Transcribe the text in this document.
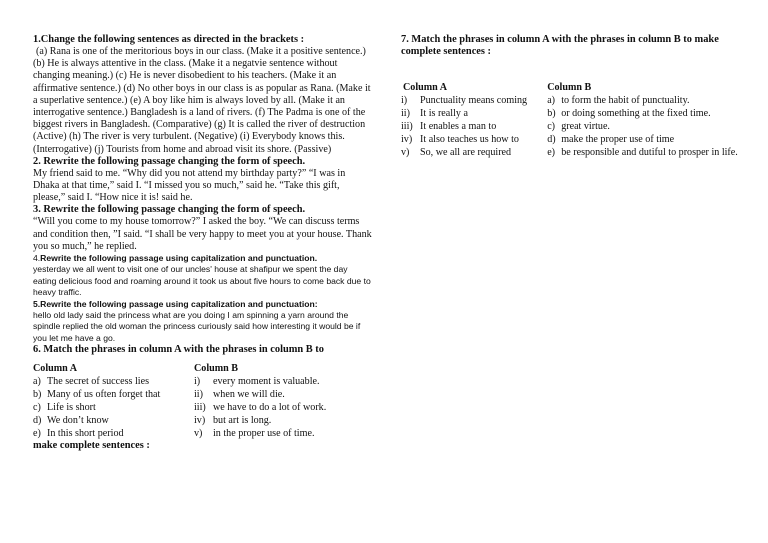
1.Change the following sentences as directed in the brackets :

(a) Rana is one of the meritorious boys in our class. (Make it a positive sentence.) (b) He is always attentive in the class. (Make it a negatvie sentence without changing meaning.) (c) He is never disobedient to his teachers. (Make it an affirmative sentence.) (d) No other boys in our class is as popular as Rana. (Make it a superlative sentence.) (e) A boy like him is always loved by all. (Make it an interrogative sentence.) Bangladesh is a land of rivers. (f) The Padma is one of the biggest rivers in Bangladesh. (Comparative) (g) It is called the river of destruction (Active) (h) The river is very turbulent. (Negative) (i) Everybody knows this. (Interrogative) (j) Tourists from home and abroad visit its shore. (Passive)

2. Rewrite the following passage changing the form of speech.

My friend said to me. “Why did you not attend my birthday party?” “I was in Dhaka at that time,” said I. “I missed you so much,” said he. “Take this gift, please,” said I. “How nice it is! said he.

3. Rewrite the following passage changing the form of speech.

“Will you come to my house tomorrow?” I asked the boy. “We can discuss terms and condition then, ”I said. “I shall be very happy to meet you at your house. Thank you so much,” he replied.

4.Rewrite the following passage using capitalization and punctuation.

yesterday we all went to visit one of our uncles' house at shafipur we spent the day eating delicious food and roaming around it took us about five hours to come back due to heavy traffic.

5.Rewrite the following passage using capitalization and punctuation:

hello old lady said the princess what are you doing I am spinning a yarn around the spindle replied the old woman the princess curiously said how interesting it would be if you let me have a go.

6. Match the phrases in column A with the phrases in column B to

Column A	Column B
a) The secret of success lies	i) every moment is valuable.
b) Many of us often forget that	ii) when we will die.
c) Life is short	iii) we have to do a lot of work.
d) We don’t know	iv) but art is long.
e) In this short period	v) in the proper use of time.

make complete sentences :

7. Match the phrases in column A with the phrases in column B to make complete sentences :

Column A	Column B
i) Punctuality means coming	a) to form the habit of punctuality.
ii) It is really a	b) or doing something at the fixed time.
iii) It enables a man to	c) great virtue.
iv) It also teaches us how to	d) make the proper use of time
v) So, we all are required	e) be responsible and dutiful to prosper in life.
